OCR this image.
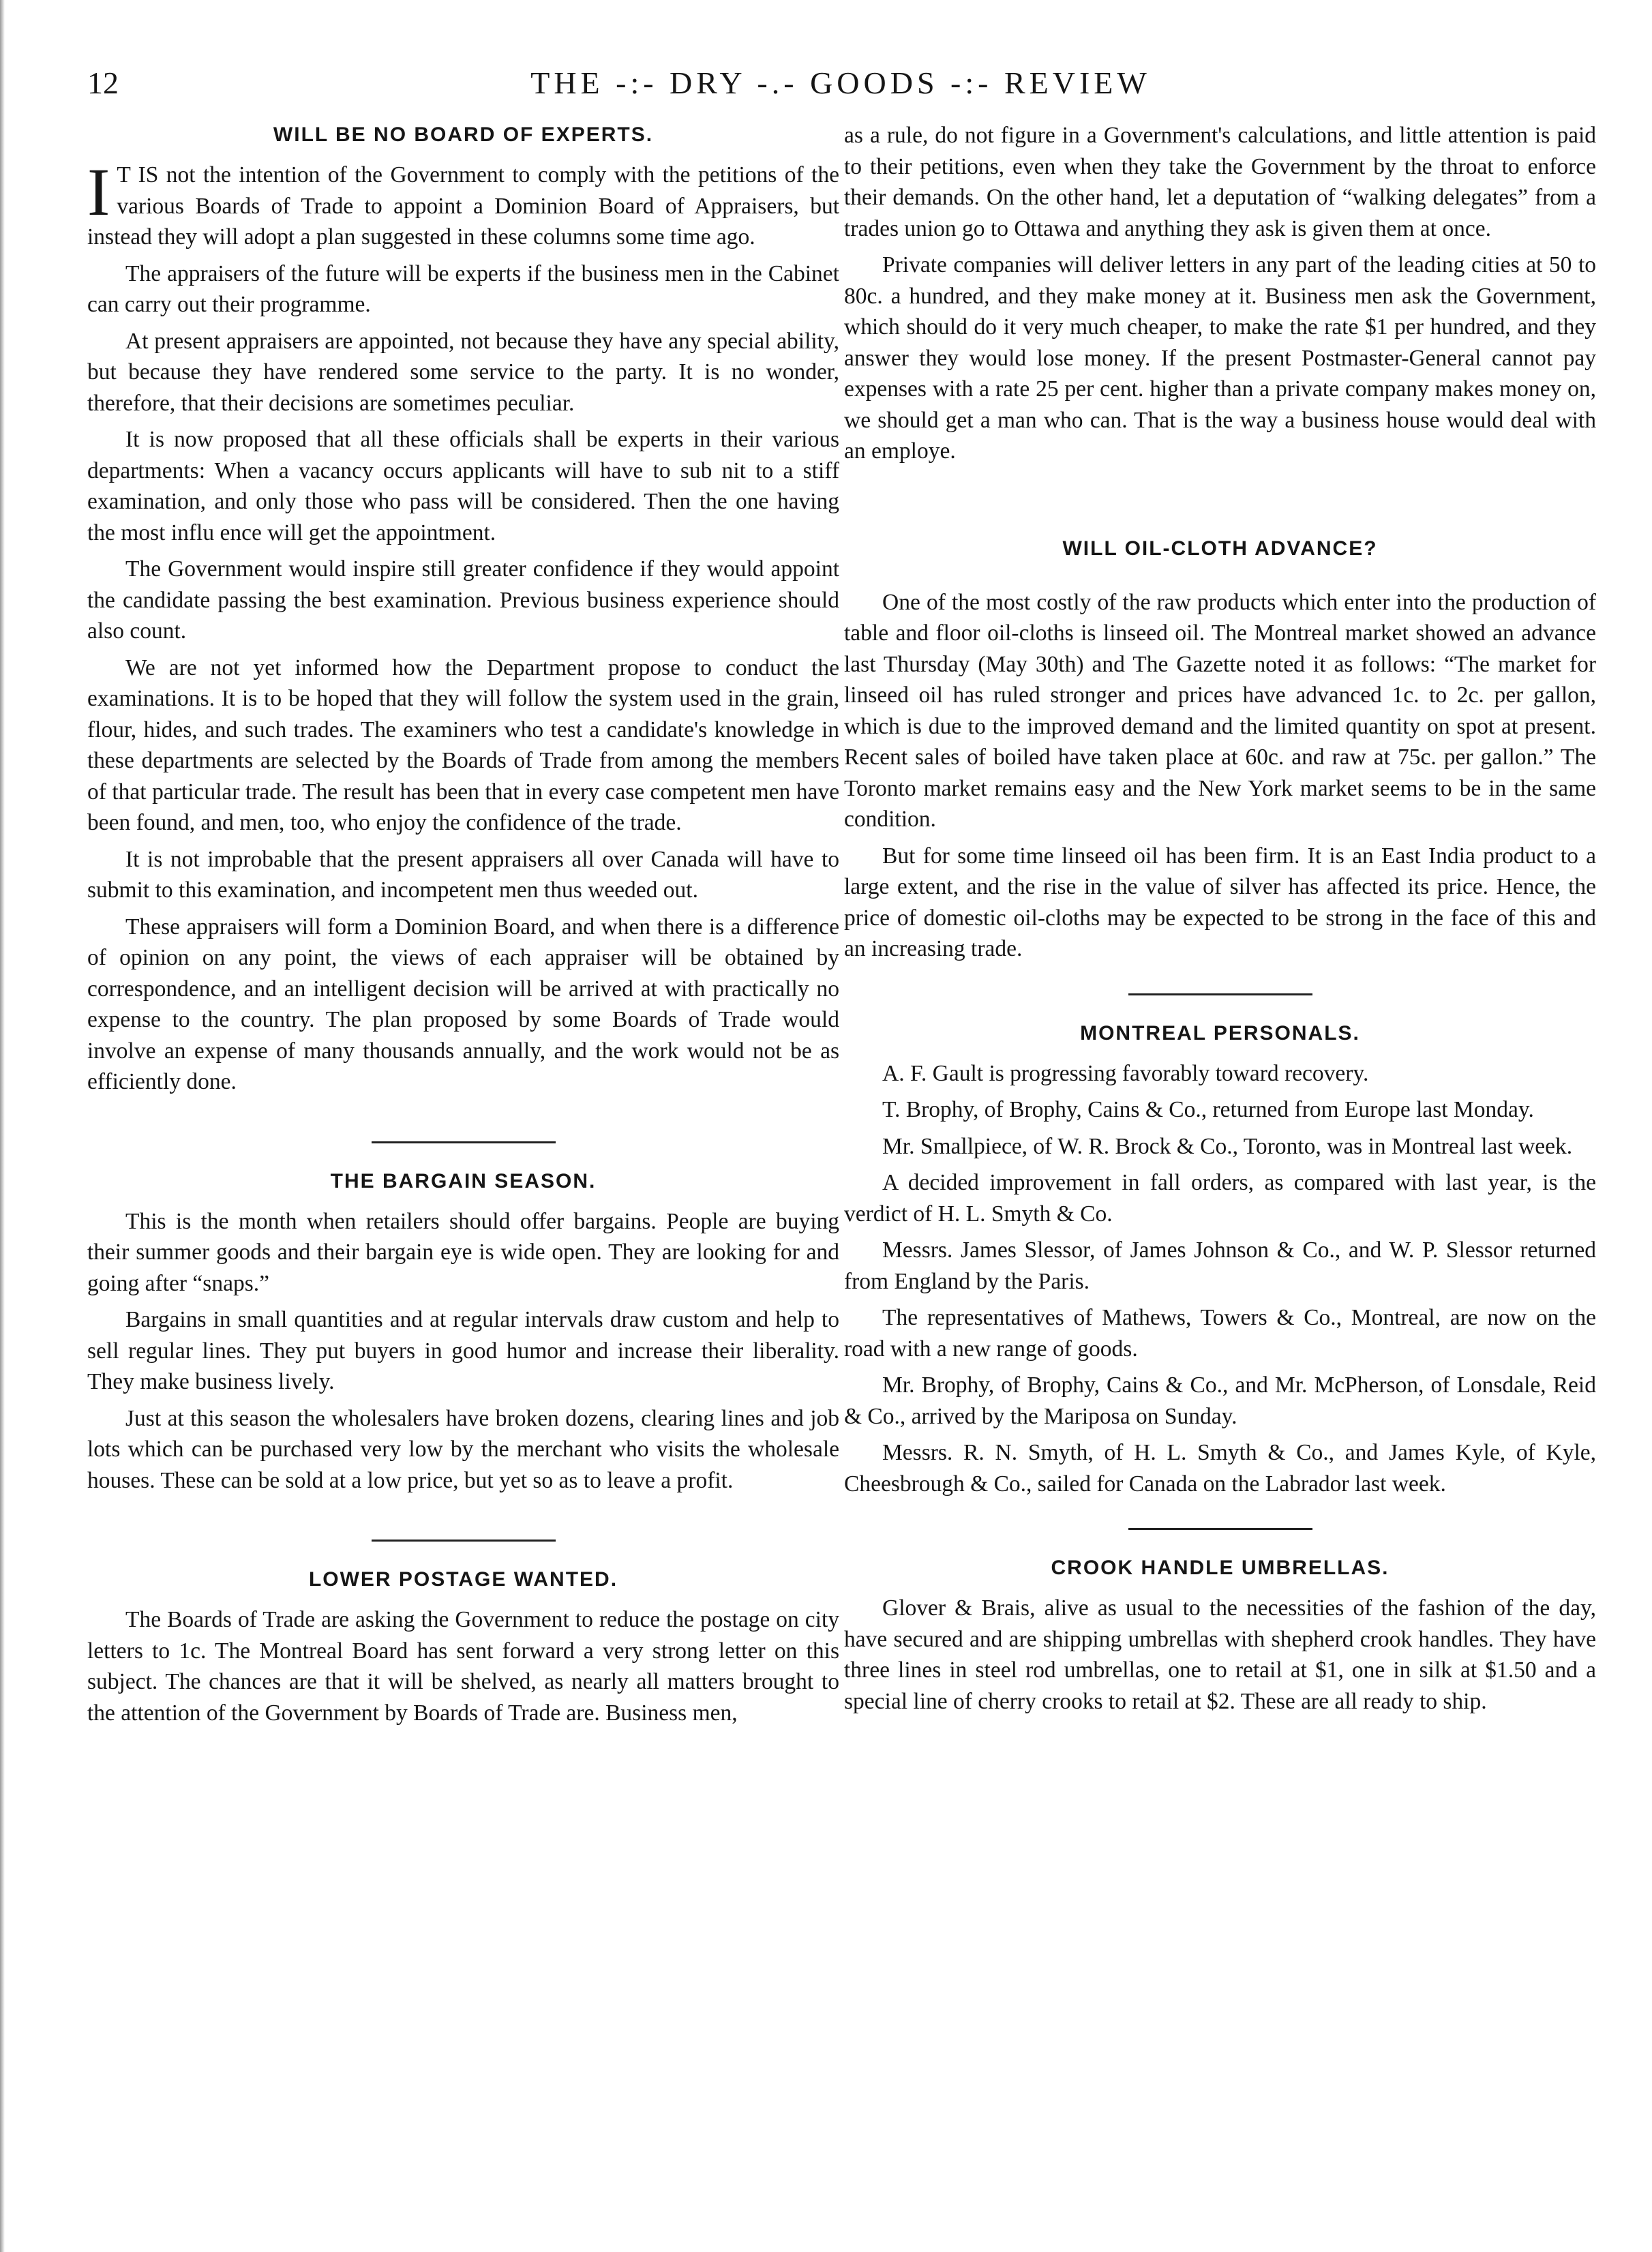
12	THE -:- DRY -.- GOODS -:- REVIEW
WILL BE NO BOARD OF EXPERTS.

I T IS not the intention of the Government to comply with the petitions of the various Boards of Trade to appoint a Dominion Board of Appraisers, but instead they will adopt a plan suggested in these columns some time ago.

The appraisers of the future will be experts if the business men in the Cabinet can carry out their programme.

At present appraisers are appointed, not because they have any special ability, but because they have rendered some service to the party. It is no wonder, therefore, that their decisions are sometimes peculiar.

It is now proposed that all these officials shall be experts in their various departments: When a vacancy occurs applicants will have to sub nit to a stiff examination, and only those who pass will be considered. Then the one having the most influ ence will get the appointment.

The Government would inspire still greater confidence if they would appoint the candidate passing the best examination. Previous business experience should also count.

We are not yet informed how the Department propose to conduct the examinations. It is to be hoped that they will follow the system used in the grain, flour, hides, and such trades. The examiners who test a candidate's knowledge in these departments are selected by the Boards of Trade from among the members of that particular trade. The result has been that in every case competent men have been found, and men, too, who enjoy the confidence of the trade.

It is not improbable that the present appraisers all over Canada will have to submit to this examination, and incompetent men thus weeded out.

These appraisers will form a Dominion Board, and when there is a difference of opinion on any point, the views of each appraiser will be obtained by correspondence, and an intelligent decision will be arrived at with practically no expense to the country. The plan proposed by some Boards of Trade would involve an expense of many thousands annually, and the work would not be as efficiently done.

THE BARGAIN SEASON.

This is the month when retailers should offer bargains. People are buying their summer goods and their bargain eye is wide open. They are looking for and going after “snaps.”

Bargains in small quantities and at regular intervals draw custom and help to sell regular lines. They put buyers in good humor and increase their liberality. They make business lively.

Just at this season the wholesalers have broken dozens, clearing lines and job lots which can be purchased very low by the merchant who visits the wholesale houses. These can be sold at a low price, but yet so as to leave a profit.

LOWER POSTAGE WANTED.

The Boards of Trade are asking the Government to reduce the postage on city letters to 1c. The Montreal Board has sent forward a very strong letter on this subject. The chances are that it will be shelved, as nearly all matters brought to the attention of the Government by Boards of Trade are. Business men,

as a rule, do not figure in a Government's calculations, and little attention is paid to their petitions, even when they take the Government by the throat to enforce their demands. On the other hand, let a deputation of “walking delegates” from a trades union go to Ottawa and anything they ask is given them at once.

Private companies will deliver letters in any part of the leading cities at 50 to 80c. a hundred, and they make money at it. Business men ask the Government, which should do it very much cheaper, to make the rate $1 per hundred, and they answer they would lose money. If the present Postmaster-General cannot pay expenses with a rate 25 per cent. higher than a private company makes money on, we should get a man who can. That is the way a business house would deal with an employe.

WILL OIL-CLOTH ADVANCE?

One of the most costly of the raw products which enter into the production of table and floor oil-cloths is linseed oil. The Montreal market showed an advance last Thursday (May 30th) and The Gazette noted it as follows: “The market for linseed oil has ruled stronger and prices have advanced 1c. to 2c. per gallon, which is due to the improved demand and the limited quantity on spot at present. Recent sales of boiled have taken place at 60c. and raw at 75c. per gallon.” The Toronto market remains easy and the New York market seems to be in the same condition.

But for some time linseed oil has been firm. It is an East India product to a large extent, and the rise in the value of silver has affected its price. Hence, the price of domestic oil-cloths may be expected to be strong in the face of this and an increasing trade.

MONTREAL PERSONALS.

A. F. Gault is progressing favorably toward recovery.

T. Brophy, of Brophy, Cains & Co., returned from Europe last Monday.

Mr. Smallpiece, of W. R. Brock & Co., Toronto, was in Montreal last week.

A decided improvement in fall orders, as compared with last year, is the verdict of H. L. Smyth & Co.

Messrs. James Slessor, of James Johnson & Co., and W. P. Slessor returned from England by the Paris.

The representatives of Mathews, Towers & Co., Montreal, are now on the road with a new range of goods.

Mr. Brophy, of Brophy, Cains & Co., and Mr. McPherson, of Lonsdale, Reid & Co., arrived by the Mariposa on Sunday.

Messrs. R. N. Smyth, of H. L. Smyth & Co., and James Kyle, of Kyle, Cheesbrough & Co., sailed for Canada on the Labrador last week.

CROOK HANDLE UMBRELLAS.

Glover & Brais, alive as usual to the necessities of the fashion of the day, have secured and are shipping umbrellas with shepherd crook handles. They have three lines in steel rod umbrellas, one to retail at $1, one in silk at $1.50 and a special line of cherry crooks to retail at $2. These are all ready to ship.
